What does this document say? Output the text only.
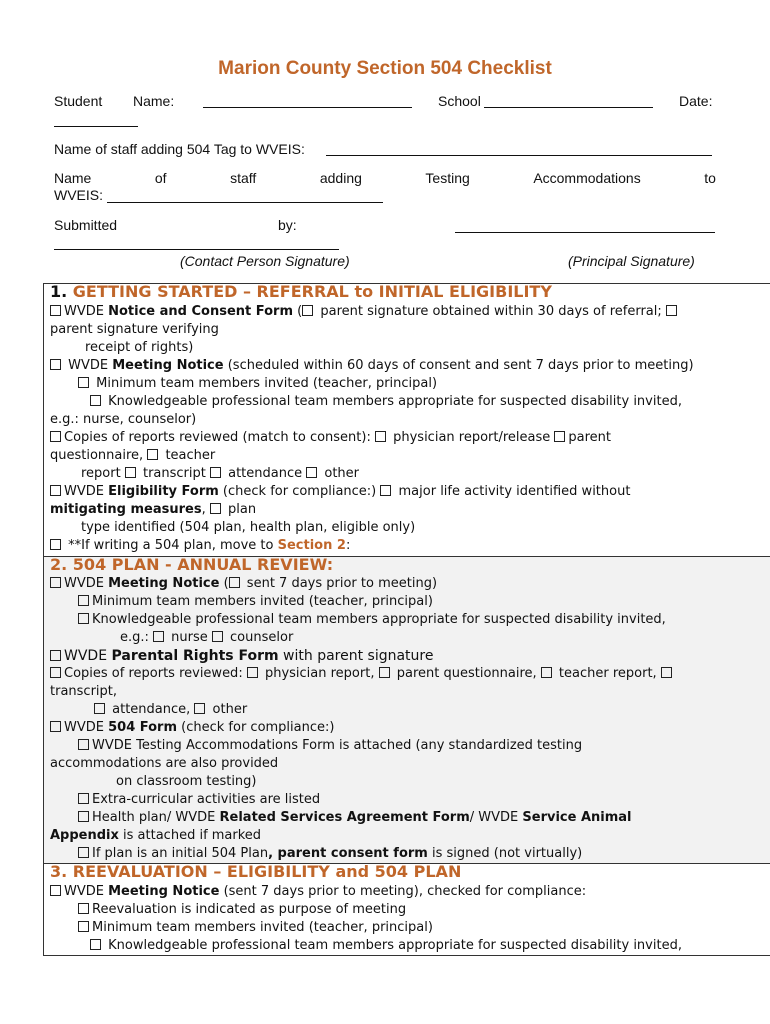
Marion County Section 504 Checklist
Student Name:	School	Date:
Name of staff adding 504 Tag to WVEIS:
Name	of	staff	adding	Testing	Accommodations	to
WVEIS:
Submitted	by:
(Contact Person Signature)	(Principal Signature)
1. GETTING STARTED – REFERRAL to INITIAL ELIGIBILITY
WVDE Notice and Consent Form ( parent signature obtained within 30 days of referral;
parent signature verifying
receipt of rights)
WVDE Meeting Notice (scheduled within 60 days of consent and sent 7 days prior to meeting)
Minimum team members invited (teacher, principal)
Knowledgeable professional team members appropriate for suspected disability invited,
e.g.: nurse, counselor)
Copies of reports reviewed (match to consent):  physician report/release parent
questionnaire,  teacher
report  transcript  attendance  other
WVDE Eligibility Form (check for compliance:)  major life activity identified without
mitigating measures,  plan
type identified (504 plan, health plan, eligible only)
**If writing a 504 plan, move to Section 2:
2. 504 PLAN - ANNUAL REVIEW:
WVDE Meeting Notice ( sent 7 days prior to meeting)
Minimum team members invited (teacher, principal)
Knowledgeable professional team members appropriate for suspected disability invited,
e.g.:  nurse  counselor
WVDE Parental Rights Form with parent signature
Copies of reports reviewed:  physician report,  parent questionnaire,  teacher report,
transcript,
attendance,  other
WVDE 504 Form (check for compliance:)
WVDE Testing Accommodations Form is attached (any standardized testing
accommodations are also provided
on classroom testing)
Extra-curricular activities are listed
Health plan/ WVDE Related Services Agreement Form/ WVDE Service Animal
Appendix is attached if marked
If plan is an initial 504 Plan, parent consent form is signed (not virtually)
3. REEVALUATION – ELIGIBILITY and 504 PLAN
WVDE Meeting Notice (sent 7 days prior to meeting), checked for compliance:
Reevaluation is indicated as purpose of meeting
Minimum team members invited (teacher, principal)
Knowledgeable professional team members appropriate for suspected disability invited,
